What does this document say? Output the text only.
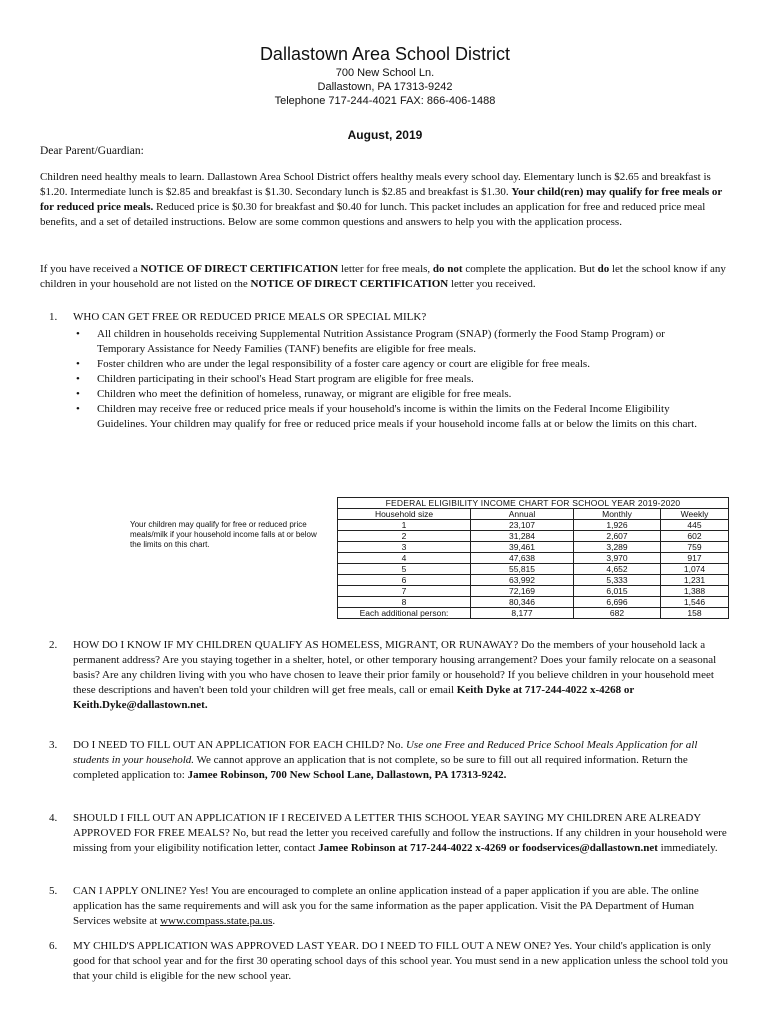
Dallastown Area School District
700 New School Ln.
Dallastown, PA 17313-9242
Telephone 717-244-4021 FAX: 866-406-1488
August, 2019
Dear Parent/Guardian:
Children need healthy meals to learn. Dallastown Area School District offers healthy meals every school day. Elementary lunch is $2.65 and breakfast is $1.20. Intermediate lunch is $2.85 and breakfast is $1.30. Secondary lunch is $2.85 and breakfast is $1.30. Your child(ren) may qualify for free meals or for reduced price meals. Reduced price is $0.30 for breakfast and $0.40 for lunch. This packet includes an application for free and reduced price meal benefits, and a set of detailed instructions. Below are some common questions and answers to help you with the application process.
If you have received a NOTICE OF DIRECT CERTIFICATION letter for free meals, do not complete the application. But do let the school know if any children in your household are not listed on the NOTICE OF DIRECT CERTIFICATION letter you received.
1. WHO CAN GET FREE OR REDUCED PRICE MEALS OR SPECIAL MILK?
• All children in households receiving Supplemental Nutrition Assistance Program (SNAP) (formerly the Food Stamp Program) or Temporary Assistance for Needy Families (TANF) benefits are eligible for free meals.
• Foster children who are under the legal responsibility of a foster care agency or court are eligible for free meals.
• Children participating in their school's Head Start program are eligible for free meals.
• Children who meet the definition of homeless, runaway, or migrant are eligible for free meals.
• Children may receive free or reduced price meals if your household's income is within the limits on the Federal Income Eligibility Guidelines. Your children may qualify for free or reduced price meals if your household income falls at or below the limits on this chart.
Your children may qualify for free or reduced price meals/milk if your household income falls at or below the limits on this chart.
FEDERAL ELIGIBILITY INCOME CHART FOR SCHOOL YEAR 2019-2020			
Household size	Annual	Monthly	Weekly
1	23,107	1,926	445
2	31,284	2,607	602
3	39,461	3,289	759
4	47,638	3,970	917
5	55,815	4,652	1,074
6	63,992	5,333	1,231
7	72,169	6,015	1,388
8	80,346	6,696	1,546
Each additional person:	8,177	682	158
2. HOW DO I KNOW IF MY CHILDREN QUALIFY AS HOMELESS, MIGRANT, OR RUNAWAY? Do the members of your household lack a permanent address? Are you staying together in a shelter, hotel, or other temporary housing arrangement? Does your family relocate on a seasonal basis? Are any children living with you who have chosen to leave their prior family or household? If you believe children in your household meet these descriptions and haven't been told your children will get free meals, call or email Keith Dyke at 717-244-4022 x-4268 or Keith.Dyke@dallastown.net.
3. DO I NEED TO FILL OUT AN APPLICATION FOR EACH CHILD? No. Use one Free and Reduced Price School Meals Application for all students in your household. We cannot approve an application that is not complete, so be sure to fill out all required information. Return the completed application to: Jamee Robinson, 700 New School Lane, Dallastown, PA 17313-9242.
4. SHOULD I FILL OUT AN APPLICATION IF I RECEIVED A LETTER THIS SCHOOL YEAR SAYING MY CHILDREN ARE ALREADY APPROVED FOR FREE MEALS? No, but read the letter you received carefully and follow the instructions. If any children in your household were missing from your eligibility notification letter, contact Jamee Robinson at 717-244-4022 x-4269 or foodservices@dallastown.net immediately.
5. CAN I APPLY ONLINE? Yes! You are encouraged to complete an online application instead of a paper application if you are able. The online application has the same requirements and will ask you for the same information as the paper application. Visit the PA Department of Human Services website at www.compass.state.pa.us.
6. MY CHILD'S APPLICATION WAS APPROVED LAST YEAR. DO I NEED TO FILL OUT A NEW ONE? Yes. Your child's application is only good for that school year and for the first 30 operating school days of this school year. You must send in a new application unless the school told you that your child is eligible for the new school year.
